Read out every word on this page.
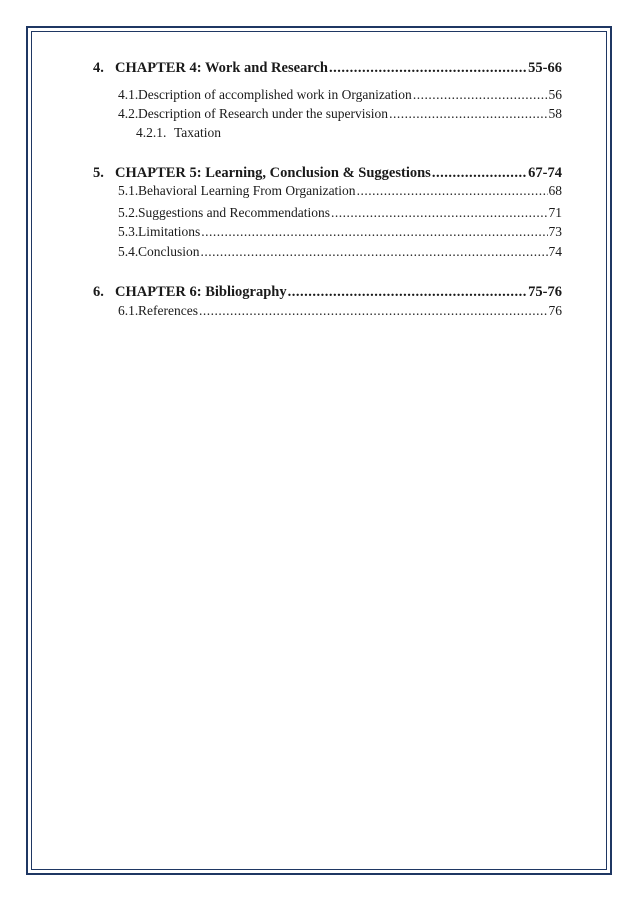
4. CHAPTER 4: Work and Research .....	55-66
4.1. Description of accomplished work in Organization .....	56
4.2. Description of Research under the supervision .....	58
4.2.1. Taxation
5. CHAPTER 5: Learning, Conclusion & Suggestions .....	67-74
5.1. Behavioral Learning From Organization .....	68
5.2. Suggestions and Recommendations .....	71
5.3. Limitations .....	73
5.4. Conclusion .....	74
6. CHAPTER 6: Bibliography .....	75-76
6.1. References .....	76
